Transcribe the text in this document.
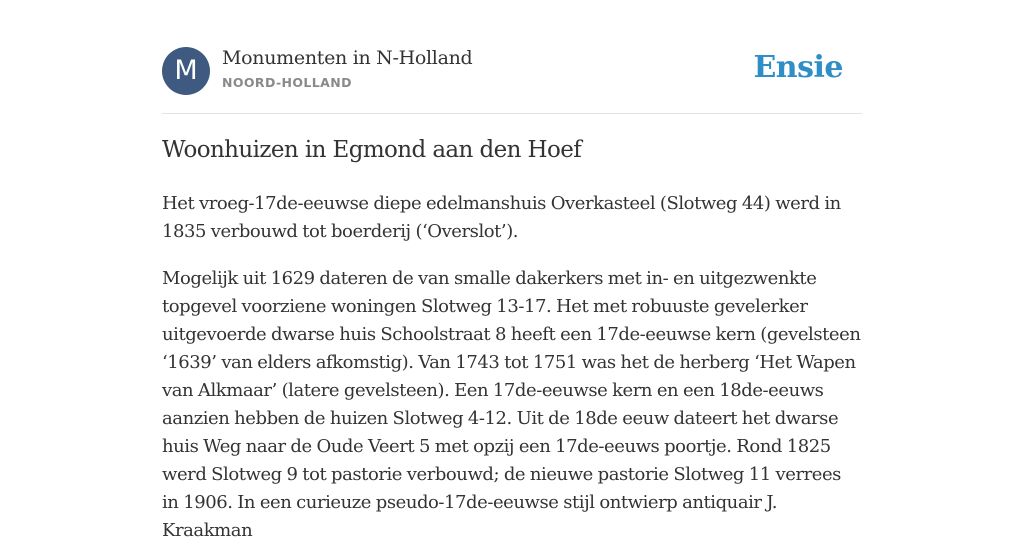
M	Monumenten in N-Holland
NOORD-HOLLAND	Ensie
Woonhuizen in Egmond aan den Hoef

Het vroeg-17de-eeuwse diepe edelmanshuis Overkasteel (Slotweg 44) werd in 1835 verbouwd tot boerderij (‘Overslot’).

Mogelijk uit 1629 dateren de van smalle dakerkers met in- en uitgezwenkte topgevel voorziene woningen Slotweg 13-17. Het met robuuste gevelerker uitgevoerde dwarse huis Schoolstraat 8 heeft een 17de-eeuwse kern (gevelsteen ‘1639’ van elders afkomstig). Van 1743 tot 1751 was het de herberg ‘Het Wapen van Alkmaar’ (latere gevelsteen). Een 17de-eeuwse kern en een 18de-eeuws aanzien hebben de huizen Slotweg 4-12. Uit de 18de eeuw dateert het dwarse huis Weg naar de Oude Veert 5 met opzij een 17de-eeuws poortje. Rond 1825 werd Slotweg 9 tot pastorie verbouwd; de nieuwe pastorie Slotweg 11 verrees in 1906. In een curieuze pseudo-17de-eeuwse stijl ontwierp antiquair J. Kraakman
